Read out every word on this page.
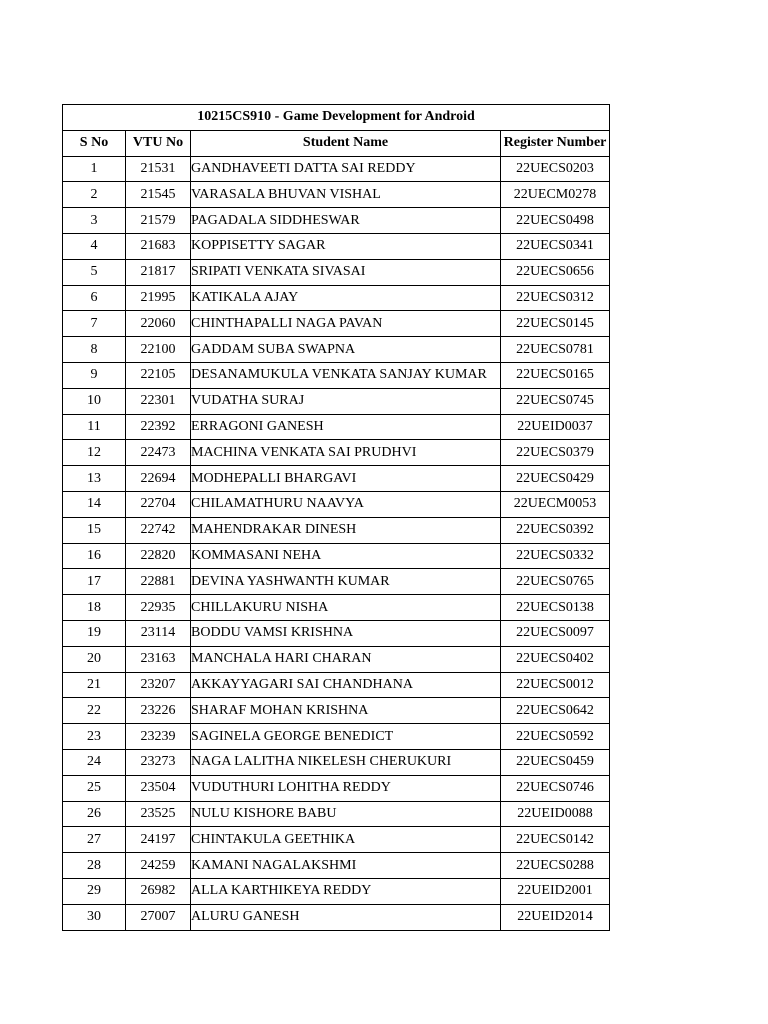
10215CS910 - Game Development for Android			
S No	VTU No	Student Name	Register Number
1	21531	GANDHAVEETI DATTA SAI REDDY	22UECS0203
2	21545	VARASALA BHUVAN VISHAL	22UECM0278
3	21579	PAGADALA SIDDHESWAR	22UECS0498
4	21683	KOPPISETTY SAGAR	22UECS0341
5	21817	SRIPATI VENKATA SIVASAI	22UECS0656
6	21995	KATIKALA AJAY	22UECS0312
7	22060	CHINTHAPALLI NAGA PAVAN	22UECS0145
8	22100	GADDAM SUBA SWAPNA	22UECS0781
9	22105	DESANAMUKULA VENKATA SANJAY KUMAR	22UECS0165
10	22301	VUDATHA SURAJ	22UECS0745
11	22392	ERRAGONI GANESH	22UEID0037
12	22473	MACHINA VENKATA SAI PRUDHVI	22UECS0379
13	22694	MODHEPALLI BHARGAVI	22UECS0429
14	22704	CHILAMATHURU NAAVYA	22UECM0053
15	22742	MAHENDRAKAR DINESH	22UECS0392
16	22820	KOMMASANI NEHA	22UECS0332
17	22881	DEVINA YASHWANTH KUMAR	22UECS0765
18	22935	CHILLAKURU NISHA	22UECS0138
19	23114	BODDU VAMSI KRISHNA	22UECS0097
20	23163	MANCHALA HARI CHARAN	22UECS0402
21	23207	AKKAYYAGARI SAI CHANDHANA	22UECS0012
22	23226	SHARAF MOHAN KRISHNA	22UECS0642
23	23239	SAGINELA GEORGE BENEDICT	22UECS0592
24	23273	NAGA LALITHA NIKELESH CHERUKURI	22UECS0459
25	23504	VUDUTHURI LOHITHA REDDY	22UECS0746
26	23525	NULU KISHORE BABU	22UEID0088
27	24197	CHINTAKULA GEETHIKA	22UECS0142
28	24259	KAMANI NAGALAKSHMI	22UECS0288
29	26982	ALLA KARTHIKEYA REDDY	22UEID2001
30	27007	ALURU GANESH	22UEID2014
